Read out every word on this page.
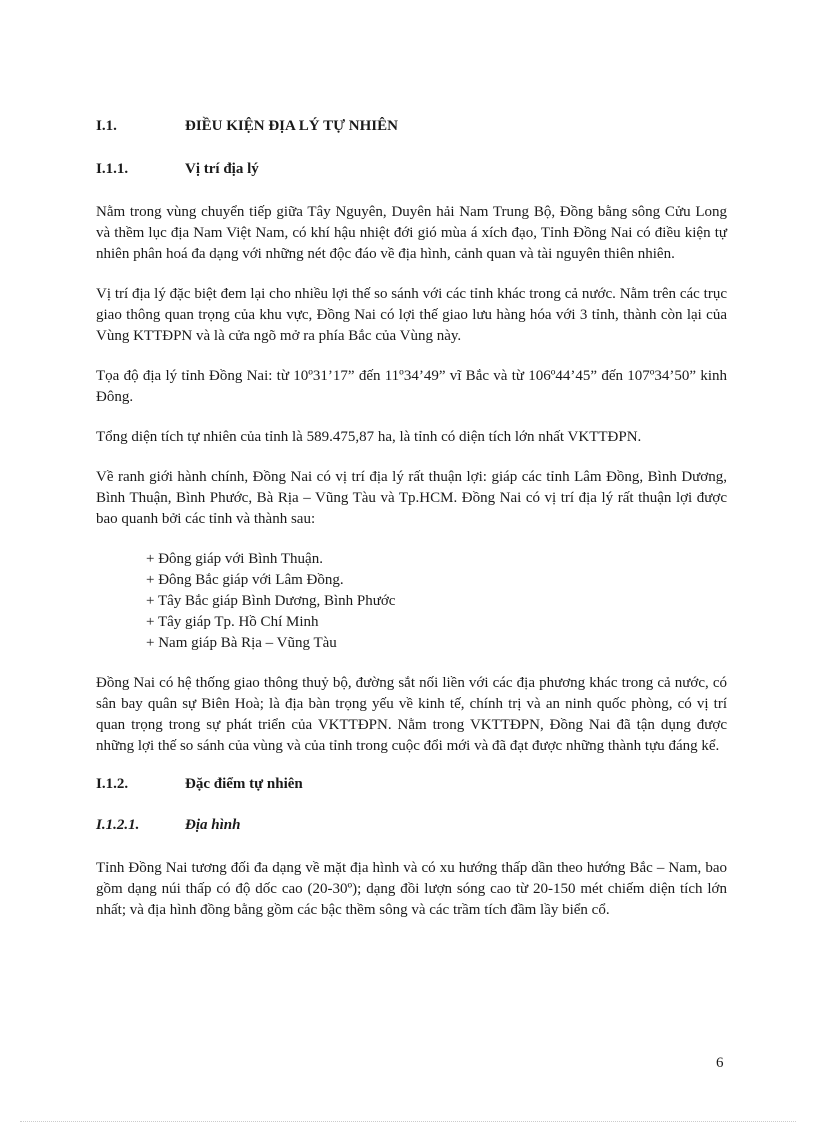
I.1.	ĐIỀU KIỆN ĐỊA LÝ TỰ NHIÊN
I.1.1.	Vị trí địa lý

Nằm trong vùng chuyển tiếp giữa Tây Nguyên, Duyên hải Nam Trung Bộ, Đồng bằng sông Cửu Long và thềm lục địa Nam Việt Nam, có khí hậu nhiệt đới gió mùa á xích đạo, Tỉnh Đồng Nai có điều kiện tự nhiên phân hoá đa dạng với những nét độc đáo về địa hình, cảnh quan và tài nguyên thiên nhiên.

Vị trí địa lý đặc biệt đem lại cho nhiều lợi thế so sánh với các tỉnh khác trong cả nước. Nằm trên các trục giao thông quan trọng của khu vực, Đồng Nai có lợi thế giao lưu hàng hóa với 3 tỉnh, thành còn lại của Vùng KTTĐPN và là cửa ngõ mở ra phía Bắc của Vùng này.

Tọa độ địa lý tỉnh Đồng Nai: từ 10º31’17” đến 11º34’49” vĩ Bắc và từ 106º44’45” đến 107º34’50” kinh Đông.

Tổng diện tích tự nhiên của tỉnh là 589.475,87 ha, là tỉnh có diện tích lớn nhất VKTTĐPN.

Về ranh giới hành chính, Đồng Nai có vị trí địa lý rất thuận lợi: giáp các tỉnh Lâm Đồng, Bình Dương, Bình Thuận, Bình Phước, Bà Rịa – Vũng Tàu và Tp.HCM. Đồng Nai có vị trí địa lý rất thuận lợi được bao quanh bởi các tỉnh và thành sau:

+ Đông giáp với Bình Thuận.
+ Đông Bắc giáp với Lâm Đồng.
+ Tây Bắc giáp Bình Dương, Bình Phước
+ Tây giáp Tp. Hồ Chí Minh
+ Nam giáp Bà Rịa – Vũng Tàu

Đồng Nai có hệ thống giao thông thuỷ bộ, đường sắt nối liền với các địa phương khác trong cả nước, có sân bay quân sự Biên Hoà; là địa bàn trọng yếu về kinh tế, chính trị và an ninh quốc phòng, có vị trí quan trọng trong sự phát triển của VKTTĐPN. Nằm trong VKTTĐPN, Đồng Nai đã tận dụng được những lợi thế so sánh của vùng và của tỉnh trong cuộc đổi mới và đã đạt được những thành tựu đáng kể.

I.1.2.	Đặc điểm tự nhiên
I.1.2.1.	Địa hình

Tỉnh Đồng Nai tương đối đa dạng về mặt địa hình và có xu hướng thấp dần theo hướng Bắc – Nam, bao gồm dạng núi thấp có độ dốc cao (20-30º); dạng đồi lượn sóng cao từ 20-150 mét chiếm diện tích lớn nhất; và địa hình đồng bằng gồm các bậc thềm sông và các trầm tích đầm lầy biển cổ.

6
